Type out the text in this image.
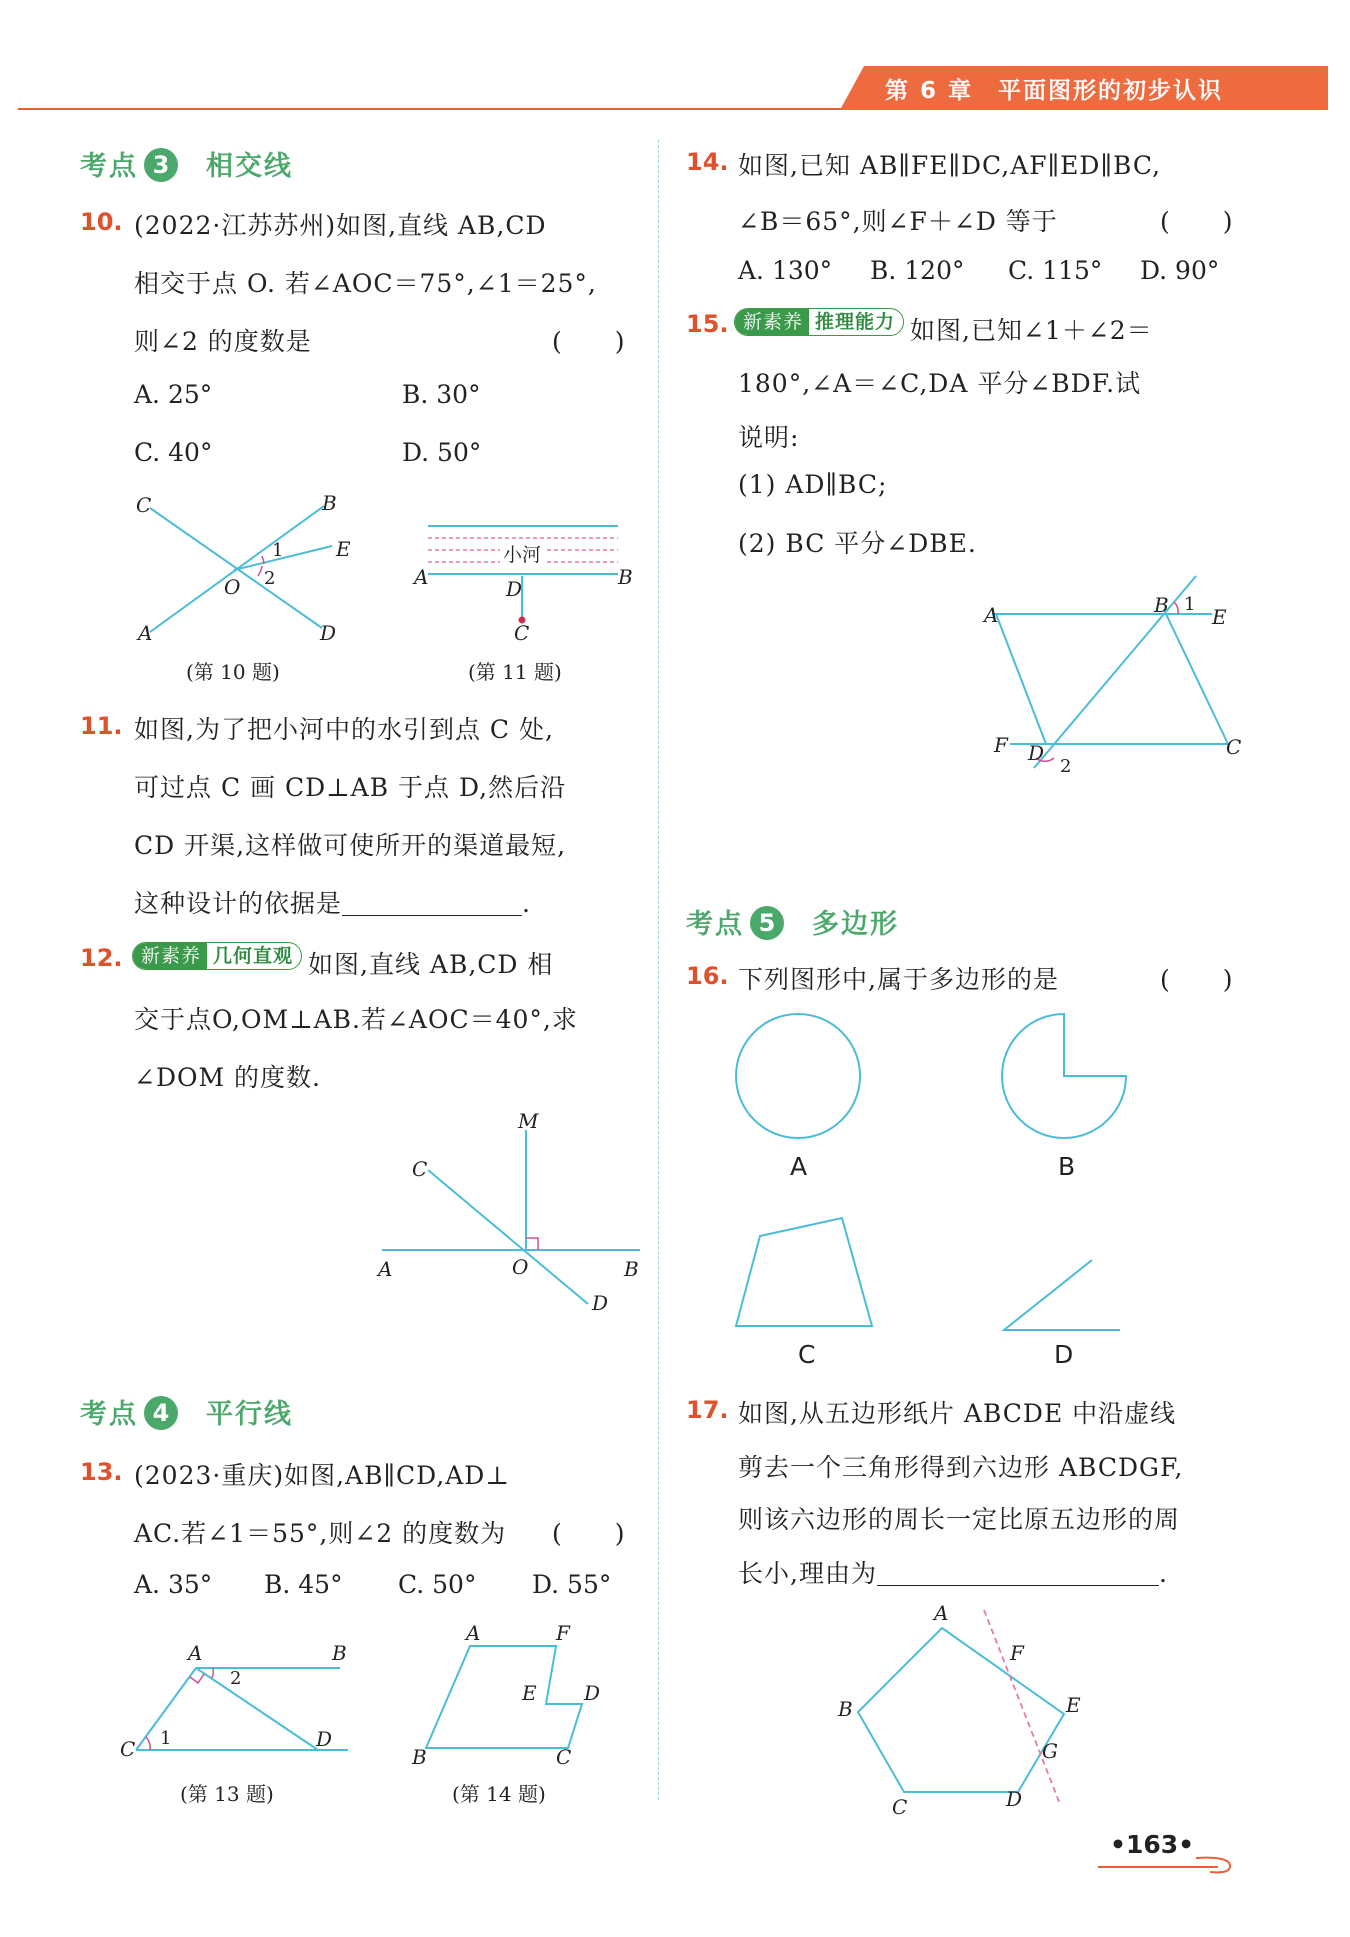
第 6 章　平面图形的初步认识
考点 3 相交线
10. (2022·江苏苏州)如图,直线 AB,CD
相交于点 O. 若∠AOC＝75°,∠1＝25°,
则∠2 的度数是	(　　)
A. 25°	B. 30°
C. 40°	D. 50°
C	B
E
O
A	D
1
2
(第 10 题)
A	B
D
C
小河
(第 11 题)
11. 如图,为了把小河中的水引到点 C 处,
可过点 C 画 CD⊥AB 于点 D,然后沿
CD 开渠,这样做可使所开的渠道最短,
这种设计的依据是	.
12. 新素养 几何直观 如图,直线 AB,CD 相
交于点O,OM⊥AB.若∠AOC＝40°,求
∠DOM 的度数.
M
C
A	O	B
D
考点 4 平行线
13. (2023·重庆)如图,AB∥CD,AD⊥
AC.若∠1＝55°,则∠2 的度数为 (　　)
A. 35° B. 45° C. 50° D. 55°
A	B
C	D
2
1
(第 13 题)
A	F
E D
B	C
(第 14 题)
14. 如图,已知 AB∥FE∥DC,AF∥ED∥BC,
∠B＝65°,则∠F＋∠D 等于	(　　)
A. 130° B. 120° C. 115° D. 90°
15. 新素养 推理能力 如图,已知∠1＋∠2＝
180°,∠A＝∠C,DA 平分∠BDF.试
说明:
(1) AD∥BC;
(2) BC 平分∠DBE.
A	B 1
E
F D
2
C
考点 5 多边形
16. 下列图形中,属于多边形的是	(　　)
A	B
C	D
17. 如图,从五边形纸片 ABCDE 中沿虚线
剪去一个三角形得到六边形 ABCDGF,
则该六边形的周长一定比原五边形的周
长小,理由为	.
A
F
E
B
G
C	D
•163•
